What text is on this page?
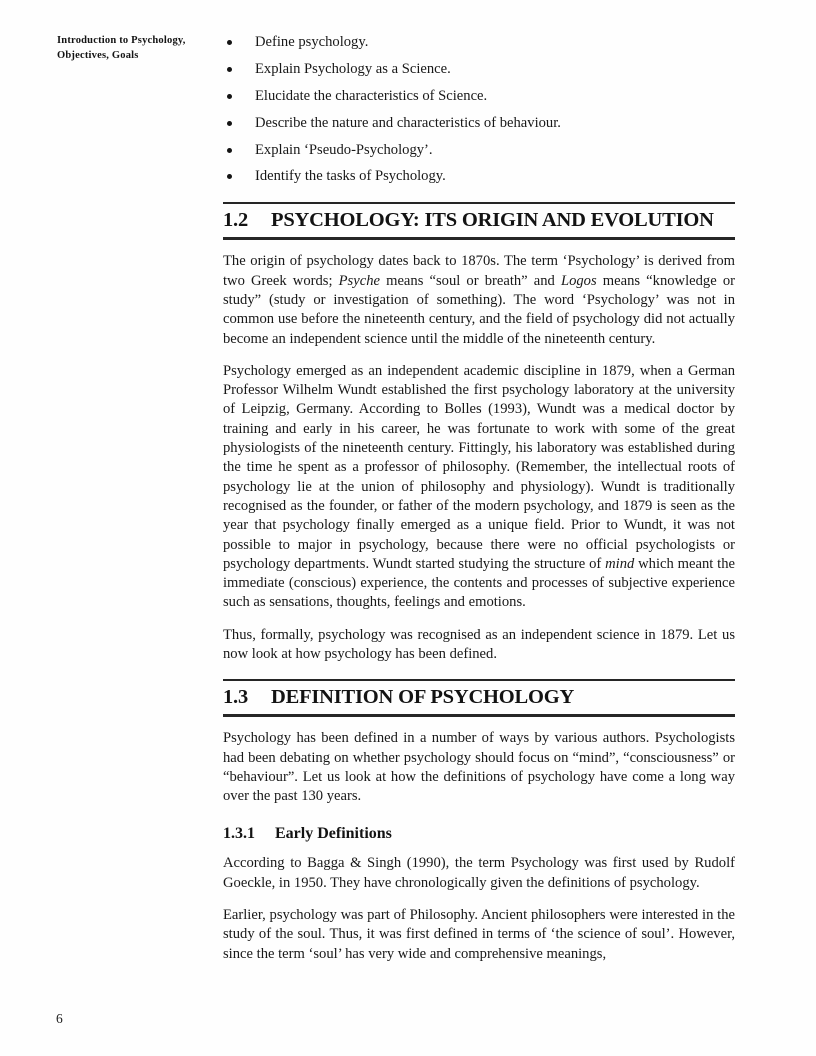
Introduction to Psychology, Objectives, Goals
Define psychology.
Explain Psychology as a Science.
Elucidate the characteristics of Science.
Describe the nature and characteristics of behaviour.
Explain ‘Pseudo-Psychology’.
Identify the tasks of Psychology.
1.2	PSYCHOLOGY: ITS ORIGIN AND EVOLUTION

The origin of psychology dates back to 1870s. The term ‘Psychology’ is derived from two Greek words; Psyche means “soul or breath” and Logos means “knowledge or study” (study or investigation of something). The word ‘Psychology’ was not in common use before the nineteenth century, and the field of psychology did not actually become an independent science until the middle of the nineteenth century.

Psychology emerged as an independent academic discipline in 1879, when a German Professor Wilhelm Wundt established the first psychology laboratory at the university of Leipzig, Germany. According to Bolles (1993), Wundt was a medical doctor by training and early in his career, he was fortunate to work with some of the great physiologists of the nineteenth century. Fittingly, his laboratory was established during the time he spent as a professor of philosophy. (Remember, the intellectual roots of psychology lie at the union of philosophy and physiology). Wundt is traditionally recognised as the founder, or father of the modern psychology, and 1879 is seen as the year that psychology finally emerged as a unique field. Prior to Wundt, it was not possible to major in psychology, because there were no official psychologists or psychology departments. Wundt started studying the structure of mind which meant the immediate (conscious) experience, the contents and processes of subjective experience such as sensations, thoughts, feelings and emotions.

Thus, formally, psychology was recognised as an independent science in 1879. Let us now look at how psychology has been defined.

1.3	DEFINITION OF PSYCHOLOGY

Psychology has been defined in a number of ways by various authors. Psychologists had been debating on whether psychology should focus on “mind”, “consciousness” or “behaviour”. Let us look at how the definitions of psychology have come a long way over the past 130 years.

1.3.1	Early Definitions

According to Bagga & Singh (1990), the term Psychology was first used by Rudolf Goeckle, in 1950. They have chronologically given the definitions of psychology.

Earlier, psychology was part of Philosophy. Ancient philosophers were interested in the study of the soul. Thus, it was first defined in terms of ‘the science of soul’. However, since the term ‘soul’ has very wide and comprehensive meanings,

6
